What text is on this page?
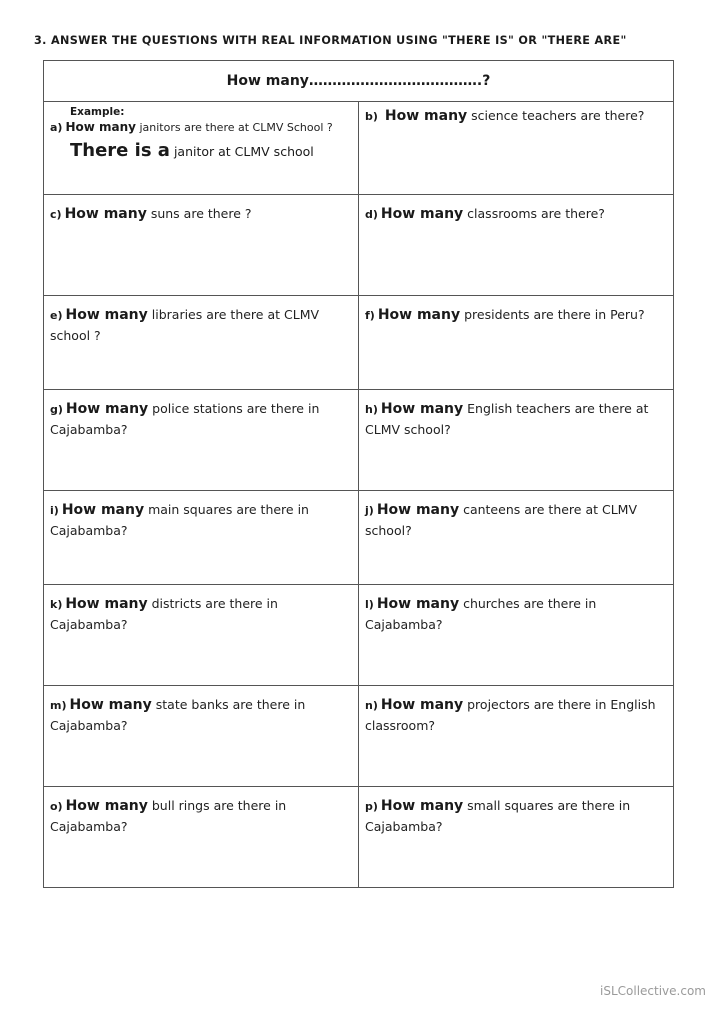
3. ANSWER THE QUESTIONS WITH REAL INFORMATION USING "THERE IS" OR "THERE ARE"
How many……………………………….?	

Example:
a) How many janitors are there at CLMV School ?
There is a janitor at CLMV school	b) How many science teachers are there?

c) How many suns are there ?	d) How many classrooms are there?

e) How many libraries are there at CLMV school ?	f) How many presidents are there in Peru?

g) How many police stations are there in Cajabamba?	h) How many English teachers are there at CLMV school?

i) How many main squares are there in Cajabamba?	j) How many canteens are there at CLMV school?

k) How many districts are there in Cajabamba?	l) How many churches are there in Cajabamba?

m) How many state banks are there in Cajabamba?	n) How many projectors are there in English classroom?

o) How many bull rings are there in Cajabamba?	p) How many small squares are there in Cajabamba?
iSLCollective.com
